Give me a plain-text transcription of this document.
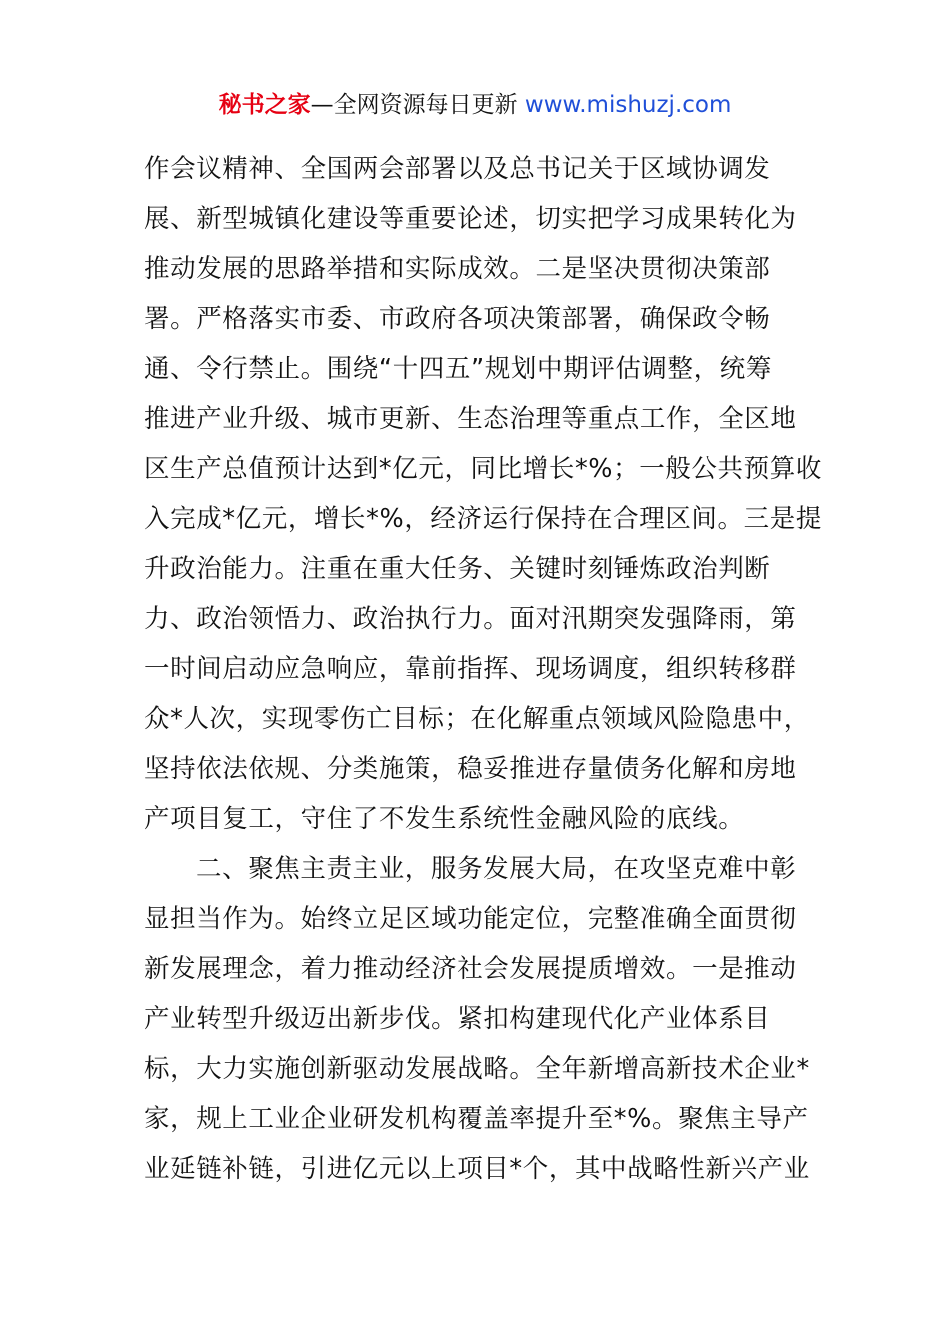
秘书之家—全网资源每日更新 www.mishuzj.com
作会议精神、全国两会部署以及总书记关于区域协调发
展、新型城镇化建设等重要论述，切实把学习成果转化为
推动发展的思路举措和实际成效。二是坚决贯彻决策部
署。严格落实市委、市政府各项决策部署，确保政令畅
通、令行禁止。围绕“十四五”规划中期评估调整，统筹
推进产业升级、城市更新、生态治理等重点工作，全区地
区生产总值预计达到*亿元，同比增长*%；一般公共预算收
入完成*亿元，增长*%，经济运行保持在合理区间。三是提
升政治能力。注重在重大任务、关键时刻锤炼政治判断
力、政治领悟力、政治执行力。面对汛期突发强降雨，第
一时间启动应急响应，靠前指挥、现场调度，组织转移群
众*人次，实现零伤亡目标；在化解重点领域风险隐患中，
坚持依法依规、分类施策，稳妥推进存量债务化解和房地
产项目复工，守住了不发生系统性金融风险的底线。
二、聚焦主责主业，服务发展大局，在攻坚克难中彰
显担当作为。始终立足区域功能定位，完整准确全面贯彻
新发展理念，着力推动经济社会发展提质增效。一是推动
产业转型升级迈出新步伐。紧扣构建现代化产业体系目
标，大力实施创新驱动发展战略。全年新增高新技术企业*
家，规上工业企业研发机构覆盖率提升至*%。聚焦主导产
业延链补链，引进亿元以上项目*个，其中战略性新兴产业
